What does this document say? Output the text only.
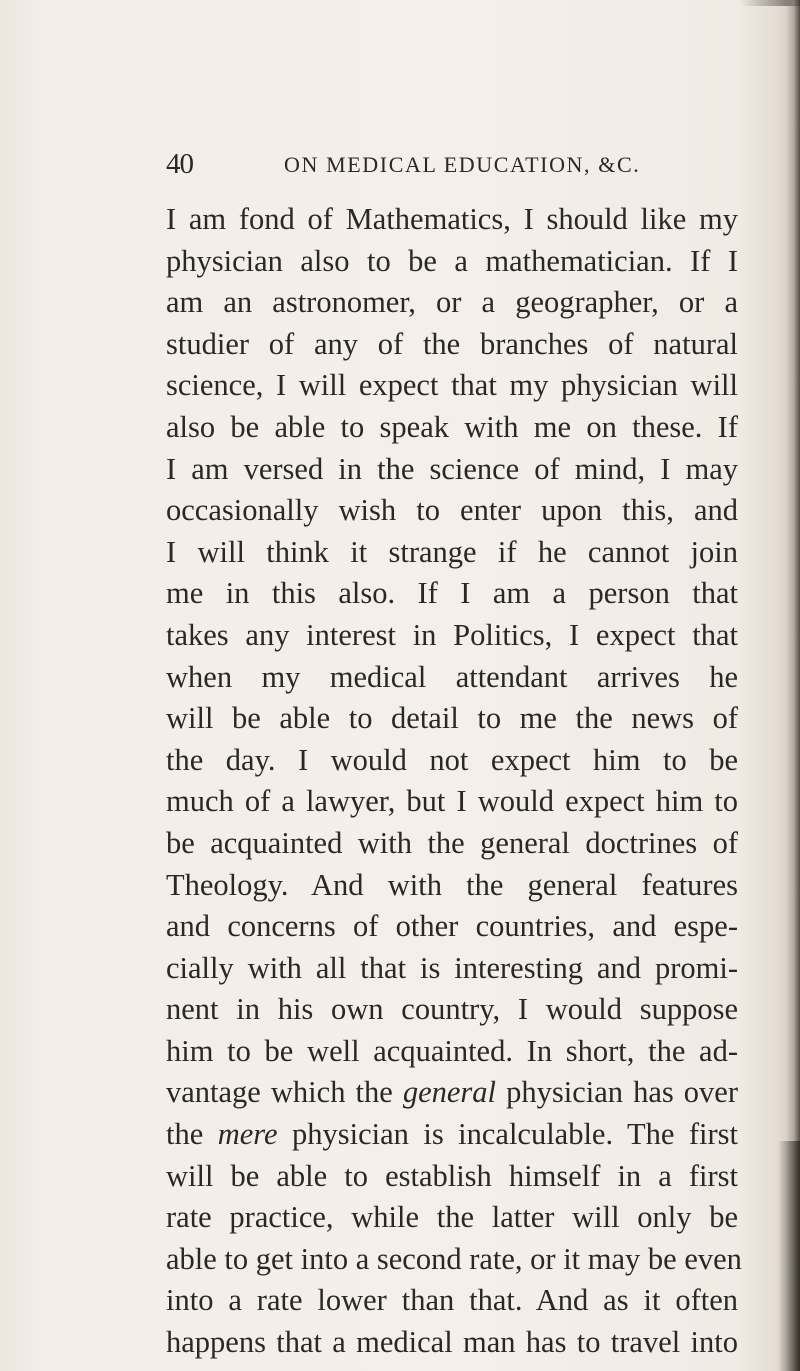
40	ON MEDICAL EDUCATION, &C.
I am fond of Mathematics, I should like my
physician also to be a mathematician. If I
am an astronomer, or a geographer, or a
studier of any of the branches of natural
science, I will expect that my physician will
also be able to speak with me on these. If
I am versed in the science of mind, I may
occasionally wish to enter upon this, and
I will think it strange if he cannot join
me in this also. If I am a person that
takes any interest in Politics, I expect that
when my medical attendant arrives he
will be able to detail to me the news of
the day. I would not expect him to be
much of a lawyer, but I would expect him to
be acquainted with the general doctrines of
Theology. And with the general features
and concerns of other countries, and espe-
cially with all that is interesting and promi-
nent in his own country, I would suppose
him to be well acquainted. In short, the ad-
vantage which the general physician has over
the mere physician is incalculable. The first
will be able to establish himself in a first
rate practice, while the latter will only be
able to get into a second rate, or it may be even
into a rate lower than that. And as it often
happens that a medical man has to travel into
